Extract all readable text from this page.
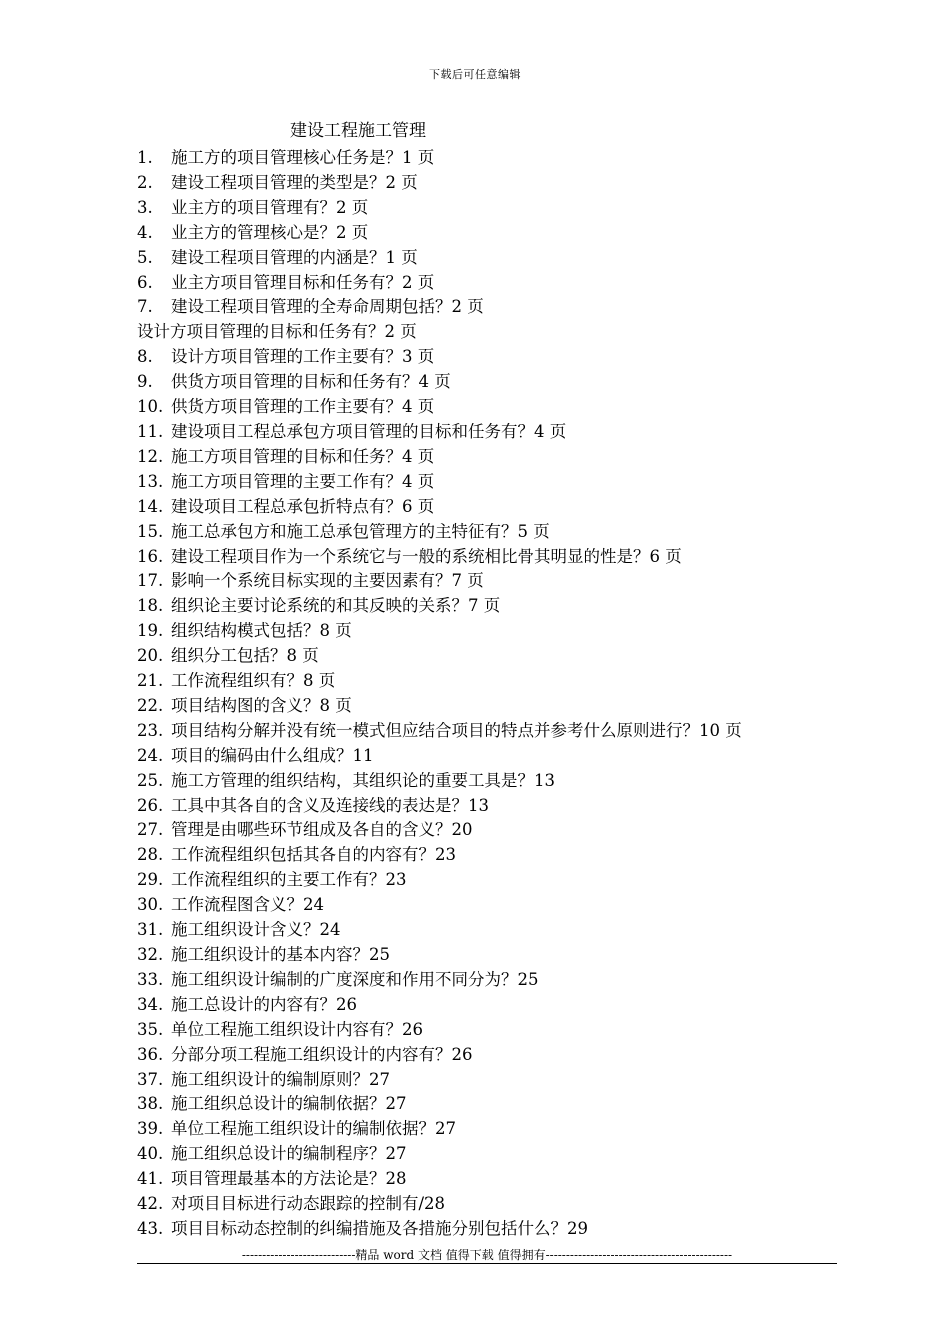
下载后可任意编辑
建设工程施工管理
1.	施工方的项目管理核心任务是？1 页
2.	建设工程项目管理的类型是？2 页
3.	业主方的项目管理有？2 页
4.	业主方的管理核心是？2 页
5.	建设工程项目管理的内涵是？1 页
6.	业主方项目管理目标和任务有？2 页
7.	建设工程项目管理的全寿命周期包括？2 页
设计方项目管理的目标和任务有？2 页
8.	设计方项目管理的工作主要有？3 页
9.	供货方项目管理的目标和任务有？4 页
10. 供货方项目管理的工作主要有？4 页
11. 建设项目工程总承包方项目管理的目标和任务有？4 页
12. 施工方项目管理的目标和任务？4 页
13. 施工方项目管理的主要工作有？4 页
14. 建设项目工程总承包折特点有？6 页
15. 施工总承包方和施工总承包管理方的主特征有？5 页
16. 建设工程项目作为一个系统它与一般的系统相比骨其明显的性是？6 页
17. 影响一个系统目标实现的主要因素有？7 页
18. 组织论主要讨论系统的和其反映的关系？7 页
19. 组织结构模式包括？8 页
20. 组织分工包括？8 页
21. 工作流程组织有？8 页
22. 项目结构图的含义？8 页
23. 项目结构分解并没有统一模式但应结合项目的特点并参考什么原则进行？10 页
24. 项目的编码由什么组成？11
25. 施工方管理的组织结构，其组织论的重要工具是？13
26. 工具中其各自的含义及连接线的表达是？13
27. 管理是由哪些环节组成及各自的含义？20
28. 工作流程组织包括其各自的内容有？23
29. 工作流程组织的主要工作有？23
30. 工作流程图含义？24
31. 施工组织设计含义？24
32. 施工组织设计的基本内容？25
33. 施工组织设计编制的广度深度和作用不同分为？25
34. 施工总设计的内容有？26
35. 单位工程施工组织设计内容有？26
36. 分部分项工程施工组织设计的内容有？26
37. 施工组织设计的编制原则？27
38. 施工组织总设计的编制依据？27
39. 单位工程施工组织设计的编制依据？27
40. 施工组织总设计的编制程序？27
41. 项目管理最基本的方法论是？28
42. 对项目目标进行动态跟踪的控制有/28
43. 项目目标动态控制的纠编措施及各措施分别包括什么？29
----------------------------精品 word 文档 值得下载 值得拥有----------------------------------------------
